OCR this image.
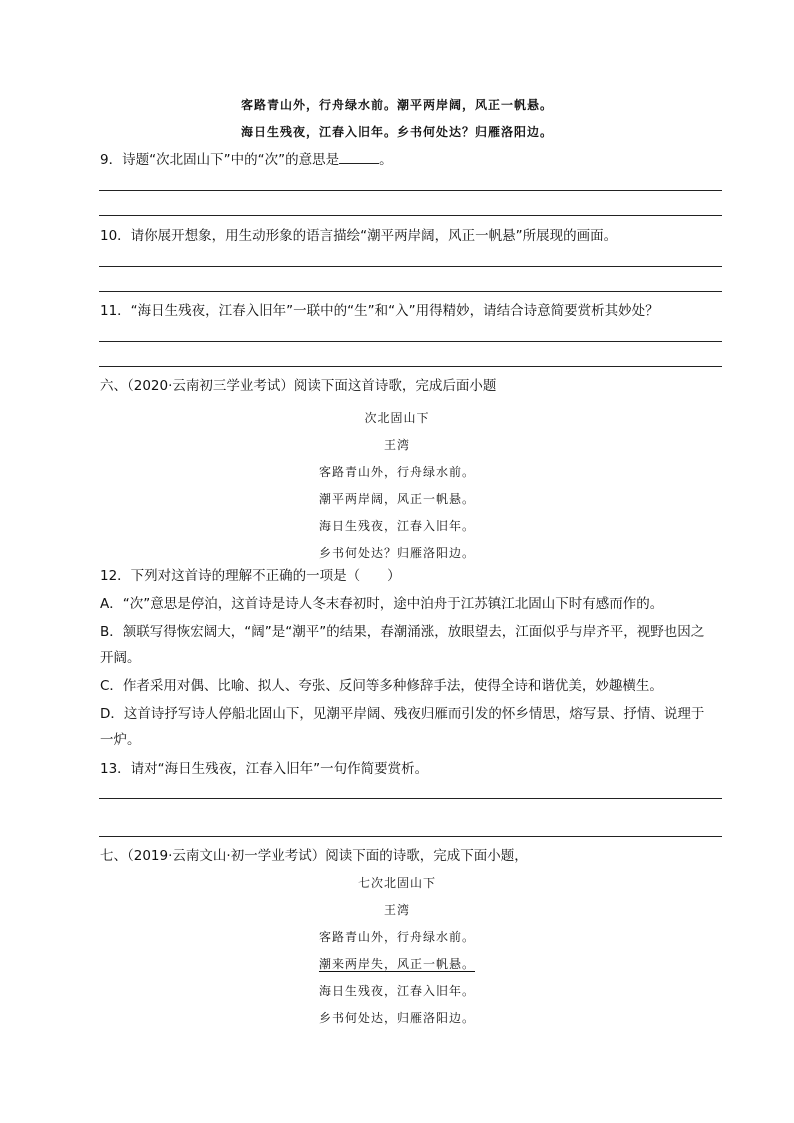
客路青山外，行舟绿水前。潮平两岸阔，风正一帆悬。
海日生残夜，江春入旧年。乡书何处达？归雁洛阳边。
9．诗题“次北固山下”中的“次”的意思是	。
10．请你展开想象，用生动形象的语言描绘“潮平两岸阔，风正一帆悬”所展现的画面。
11．“海日生残夜，江春入旧年”一联中的“生”和“入”用得精妙，请结合诗意简要赏析其妙处？
六、（2020·云南初三学业考试）阅读下面这首诗歌，完成后面小题
次北固山下
王湾
客路青山外，行舟绿水前。
潮平两岸阔，风正一帆悬。
海日生残夜，江春入旧年。
乡书何处达？归雁洛阳边。
12．下列对这首诗的理解不正确的一项是（　　）
A．“次”意思是停泊，这首诗是诗人冬末春初时，途中泊舟于江苏镇江北固山下时有感而作的。
B．颔联写得恢宏阔大，“阔”是“潮平”的结果，春潮涌涨，放眼望去，江面似乎与岸齐平，视野也因之
开阔。
C．作者采用对偶、比喻、拟人、夸张、反问等多种修辞手法，使得全诗和谐优美，妙趣横生。
D．这首诗抒写诗人停船北固山下，见潮平岸阔、残夜归雁而引发的怀乡情思，熔写景、抒情、说理于
一炉。
13．请对“海日生残夜，江春入旧年”一句作简要赏析。
七、（2019·云南文山·初一学业考试）阅读下面的诗歌，完成下面小题，
七次北固山下
王湾
客路青山外，行舟绿水前。
潮来两岸失，风正一帆悬。
海日生残夜，江春入旧年。
乡书何处达，归雁洛阳边。
